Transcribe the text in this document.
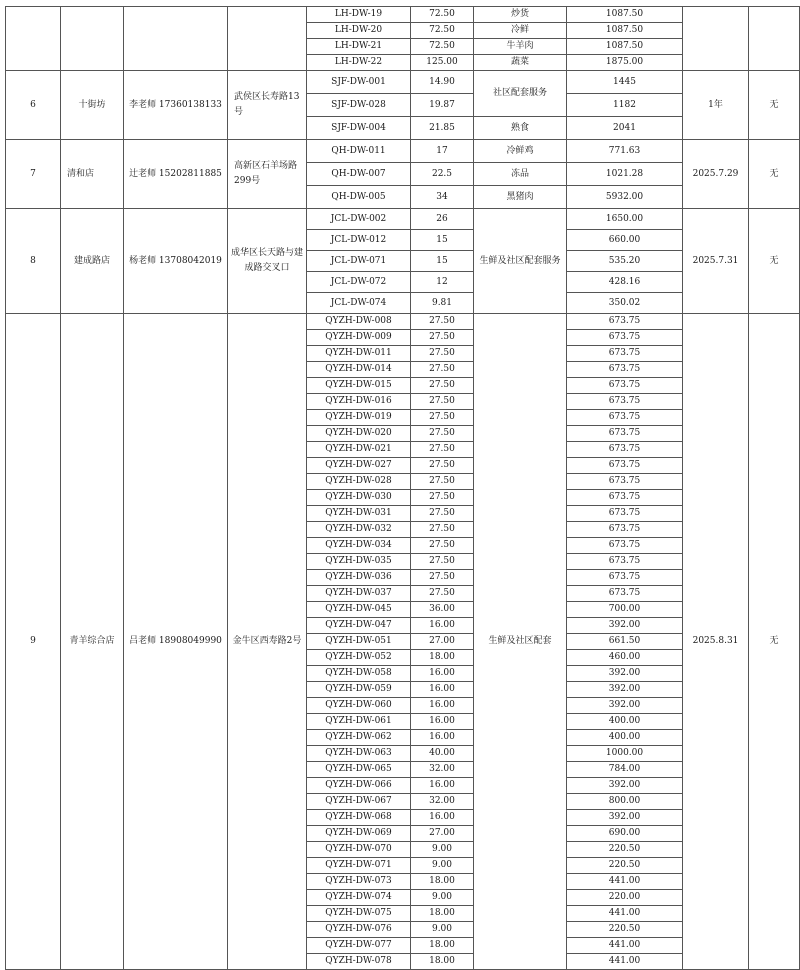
				LH-DW-19	72.50	炒货	1087.50		
				LH-DW-20	72.50	冷鲜	1087.50		
				LH-DW-21	72.50	牛羊肉	1087.50		
				LH-DW-22	125.00	蔬菜	1875.00		
6	十街坊	李老师 17360138133	武侯区长寿路13号	SJF-DW-001	14.90	社区配套服务	1445	1年	无
				SJF-DW-028	19.87		1182		
				SJF-DW-004	21.85	熟食	2041		
7	清和店	辻老师 15202811885	高新区石羊场路299号	QH-DW-011	17	冷鲜鸡	771.63	2025.7.29	无
				QH-DW-007	22.5	冻品	1021.28		
				QH-DW-005	34	黑猪肉	5932.00		
8	建成路店	杨老师 13708042019	成华区长天路与建成路交叉口	JCL-DW-002	26	生鲜及社区配套服务	1650.00	2025.7.31	无
				JCL-DW-012	15		660.00		
				JCL-DW-071	15		535.20		
				JCL-DW-072	12		428.16		
				JCL-DW-074	9.81		350.02		
9	青羊综合店	吕老师 18908049990	金牛区西寿路2号	QYZH-DW-008	27.50	生鲜及社区配套	673.75	2025.8.31	无
				QYZH-DW-009	27.50		673.75		
				QYZH-DW-011	27.50		673.75		
				QYZH-DW-014	27.50		673.75		
				QYZH-DW-015	27.50		673.75		
				QYZH-DW-016	27.50		673.75		
				QYZH-DW-019	27.50		673.75		
				QYZH-DW-020	27.50		673.75		
				QYZH-DW-021	27.50		673.75		
				QYZH-DW-027	27.50		673.75		
				QYZH-DW-028	27.50		673.75		
				QYZH-DW-030	27.50		673.75		
				QYZH-DW-031	27.50		673.75		
				QYZH-DW-032	27.50		673.75		
				QYZH-DW-034	27.50		673.75		
				QYZH-DW-035	27.50		673.75		
				QYZH-DW-036	27.50		673.75		
				QYZH-DW-037	27.50		673.75		
				QYZH-DW-045	36.00		700.00		
				QYZH-DW-047	16.00		392.00		
				QYZH-DW-051	27.00		661.50		
				QYZH-DW-052	18.00		460.00		
				QYZH-DW-058	16.00		392.00		
				QYZH-DW-059	16.00		392.00		
				QYZH-DW-060	16.00		392.00		
				QYZH-DW-061	16.00		400.00		
				QYZH-DW-062	16.00		400.00		
				QYZH-DW-063	40.00		1000.00		
				QYZH-DW-065	32.00		784.00		
				QYZH-DW-066	16.00		392.00		
				QYZH-DW-067	32.00		800.00		
				QYZH-DW-068	16.00		392.00		
				QYZH-DW-069	27.00		690.00		
				QYZH-DW-070	9.00		220.50		
				QYZH-DW-071	9.00		220.50		
				QYZH-DW-073	18.00		441.00		
				QYZH-DW-074	9.00		220.00		
				QYZH-DW-075	18.00		441.00		
				QYZH-DW-076	9.00		220.50		
				QYZH-DW-077	18.00		441.00		
				QYZH-DW-078	18.00		441.00		
